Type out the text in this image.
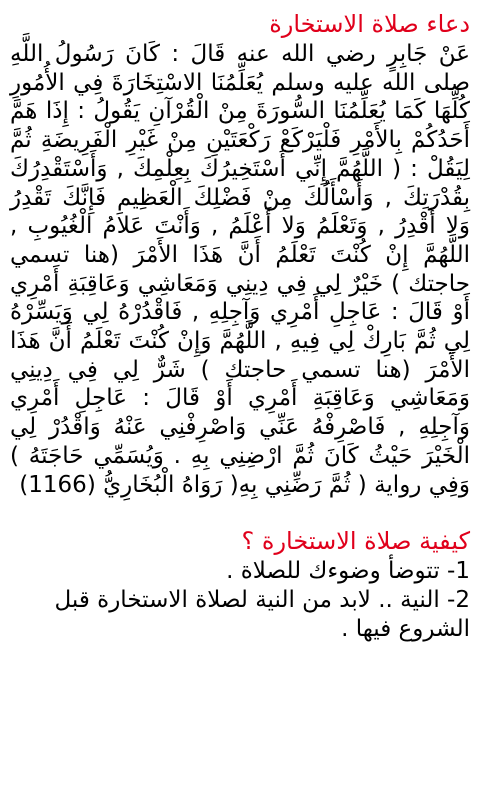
دعاء صلاة الاستخارة

عَنْ جَابِرٍ رضي الله عنه قَالَ : كَانَ رَسُولُ اللَّهِ صلى الله عليه وسلم يُعَلِّمُنَا الاسْتِخَارَةَ فِي الأُمُورِ كُلِّهَا كَمَا يُعَلِّمُنَا السُّورَةَ مِنْ الْقُرْآنِ يَقُولُ : إِذَا هَمَّ أَحَدُكُمْ بِالأَمْرِ فَلْيَرْكَعْ رَكْعَتَيْنِ مِنْ غَيْرِ الْفَرِيضَةِ ثُمَّ لِيَقُلْ : ( اللَّهُمَّ إِنِّي أَسْتَخِيرُكَ بِعِلْمِكَ , وَأَسْتَقْدِرُكَ بِقُدْرَتِكَ , وَأَسْأَلُكَ مِنْ فَضْلِكَ الْعَظِيمِ فَإِنَّكَ تَقْدِرُ وَلا أَقْدِرُ , وَتَعْلَمُ وَلا أَعْلَمُ , وَأَنْتَ عَلامُ الْغُيُوبِ , اللَّهُمَّ إِنْ كُنْتَ تَعْلَمُ أَنَّ هَذَا الأَمْرَ (هنا تسمي حاجتك ) خَيْرٌ لِي فِي دِينِي وَمَعَاشِي وَعَاقِبَةِ أَمْرِي أَوْ قَالَ : عَاجِلِ أَمْرِي وَآجِلِهِ , فَاقْدُرْهُ لِي وَيَسِّرْهُ لِي ثُمَّ بَارِكْ لِي فِيهِ , اللَّهُمَّ وَإِنْ كُنْتَ تَعْلَمُ أَنَّ هَذَا الأَمْرَ (هنا تسمي حاجتك ) شَرٌّ لِي فِي دِينِي وَمَعَاشِي وَعَاقِبَةِ أَمْرِي أَوْ قَالَ : عَاجِلِ أَمْرِي وَآجِلِهِ , فَاصْرِفْهُ عَنِّي وَاصْرِفْنِي عَنْهُ وَاقْدُرْ لِي الْخَيْرَ حَيْثُ كَانَ ثُمَّ ارْضِنِي بِهِ . وَيُسَمِّي حَاجَتَهُ ) وَفِي رواية ( ثُمَّ رَضِّنِي بِهِ( رَوَاهُ الْبُخَارِيُّ (1166)

كيفية صلاة الاستخارة ؟

1- تتوضأ وضوءك للصلاة .

2- النية .. لابد من النية لصلاة الاستخارة قبل الشروع فيها .
